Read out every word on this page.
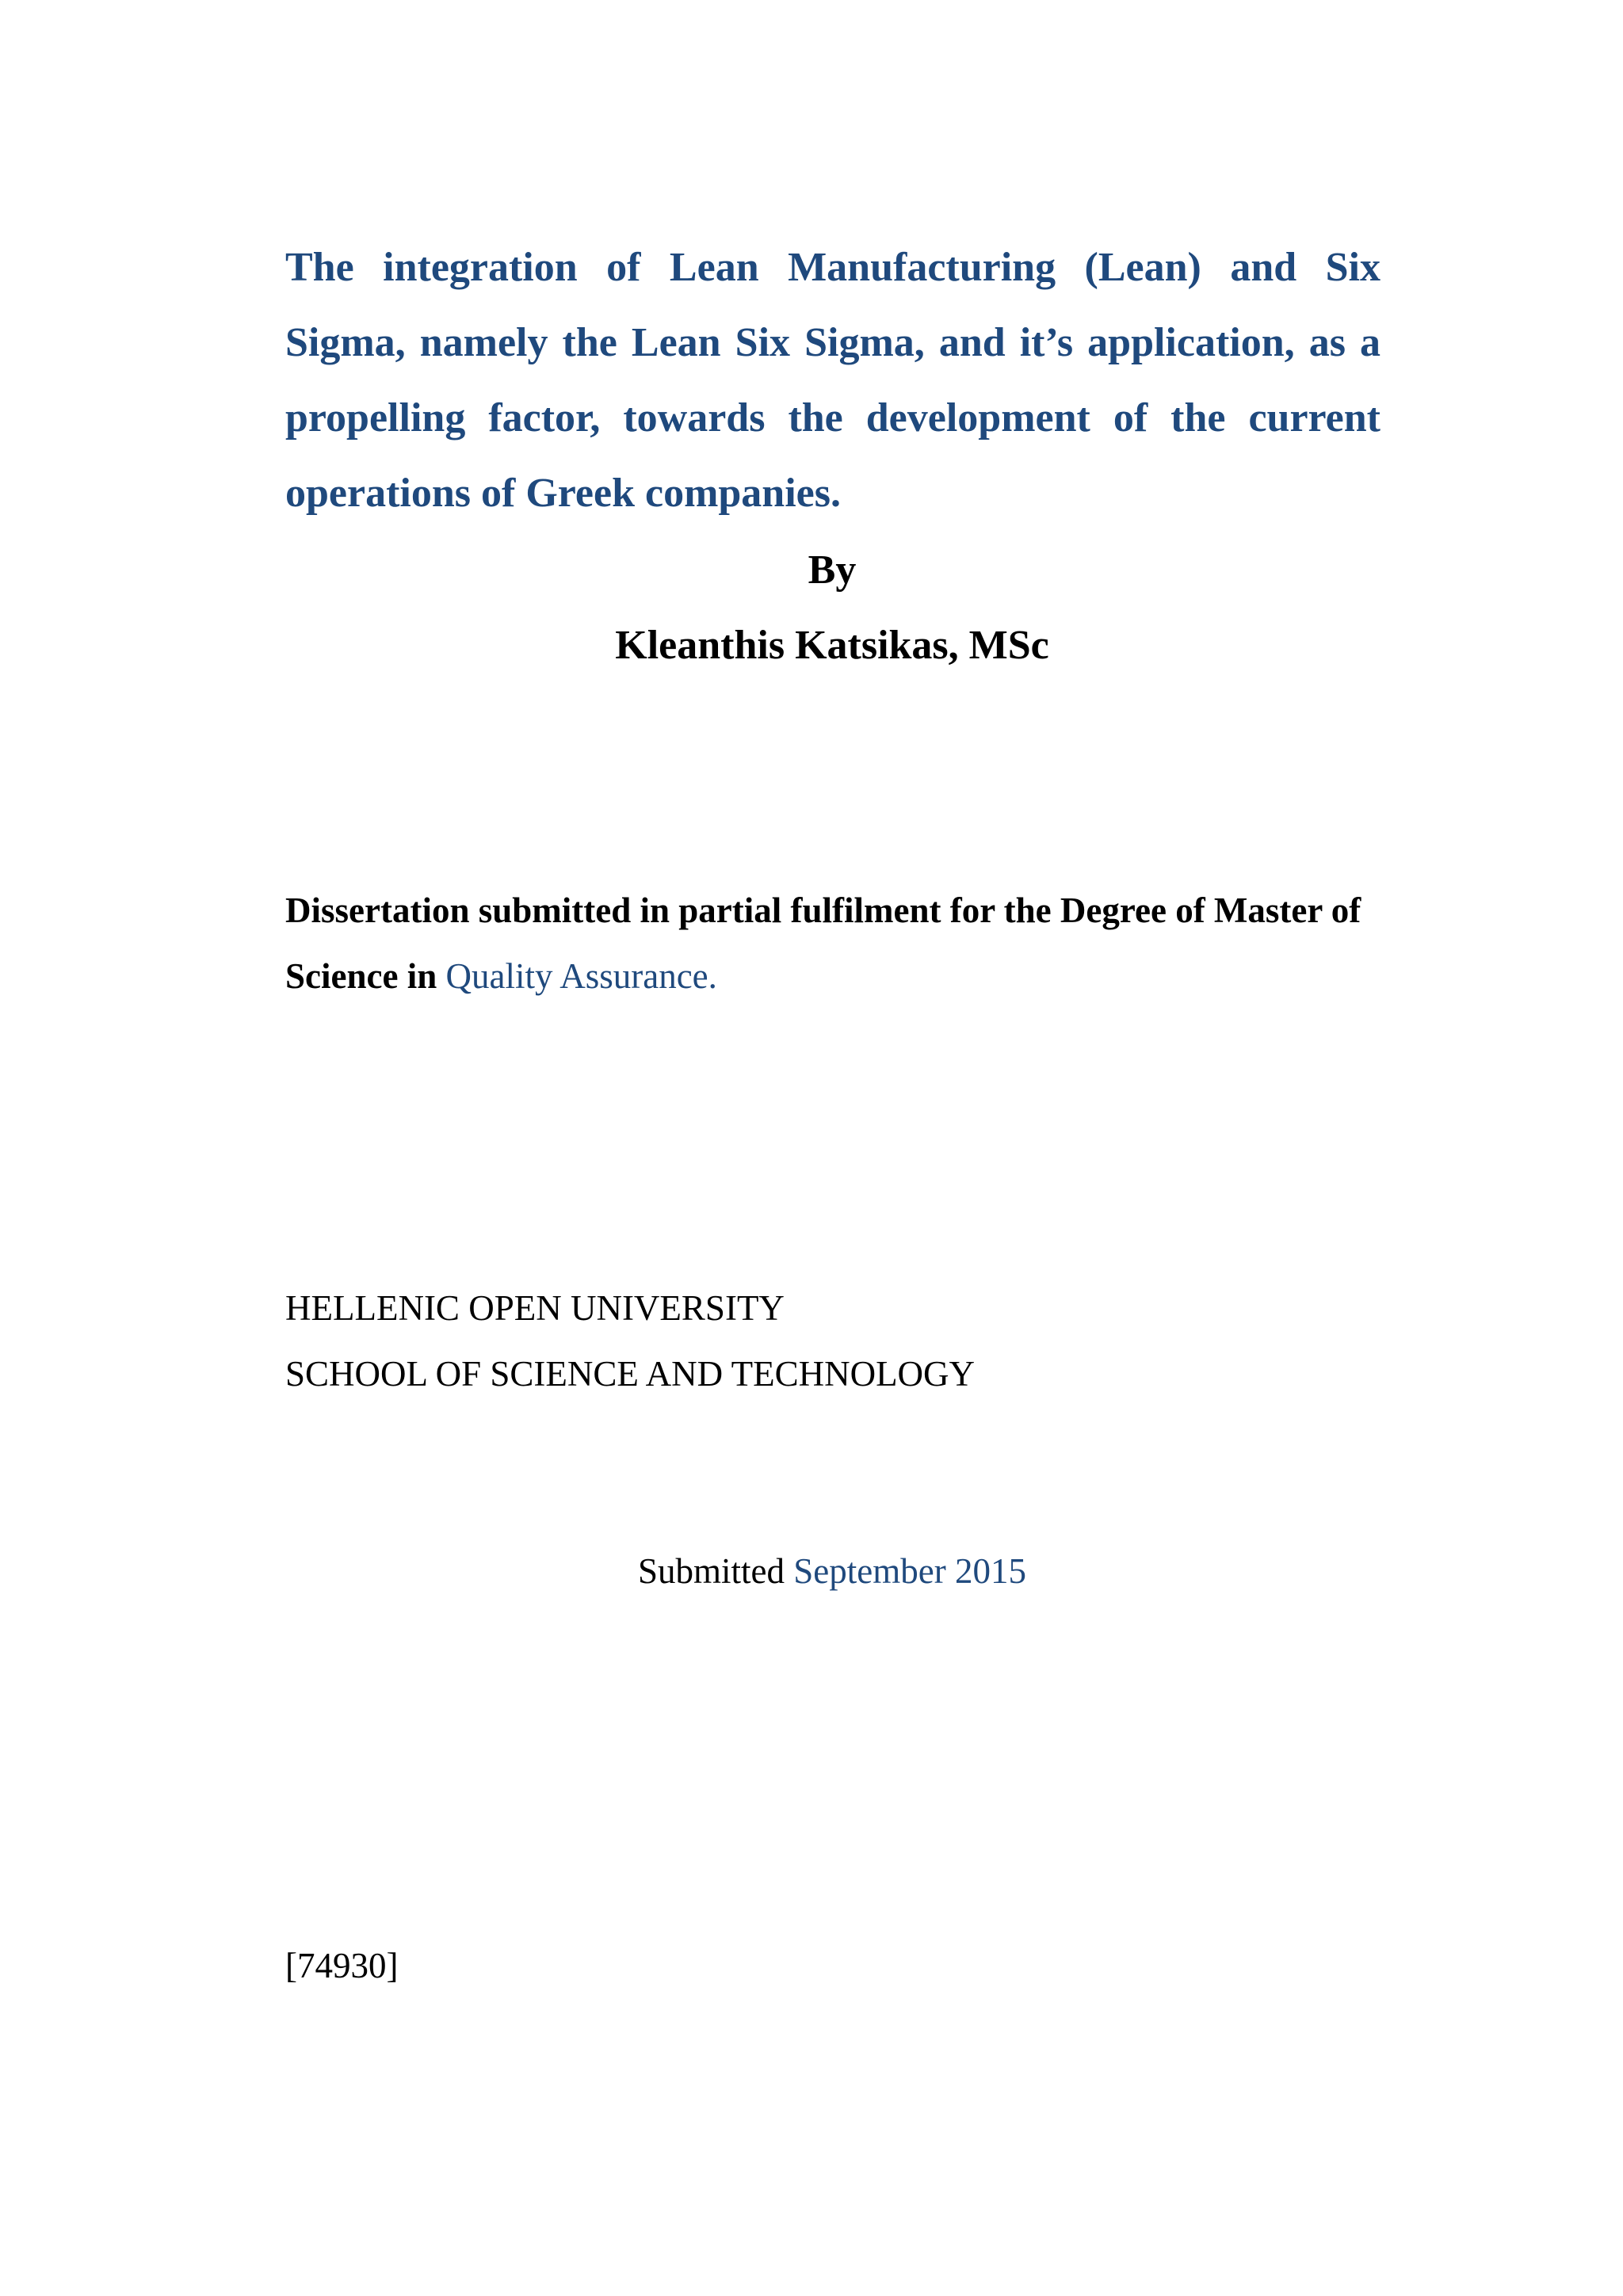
The integration of Lean Manufacturing (Lean) and Six Sigma, namely the Lean Six Sigma, and it’s application, as a propelling factor, towards the development of the current operations of Greek companies.
By
Kleanthis Katsikas, MSc
Dissertation submitted in partial fulfilment for the Degree of Master of Science in Quality Assurance.
HELLENIC OPEN UNIVERSITY
SCHOOL OF SCIENCE AND TECHNOLOGY
Submitted September 2015
[74930]
